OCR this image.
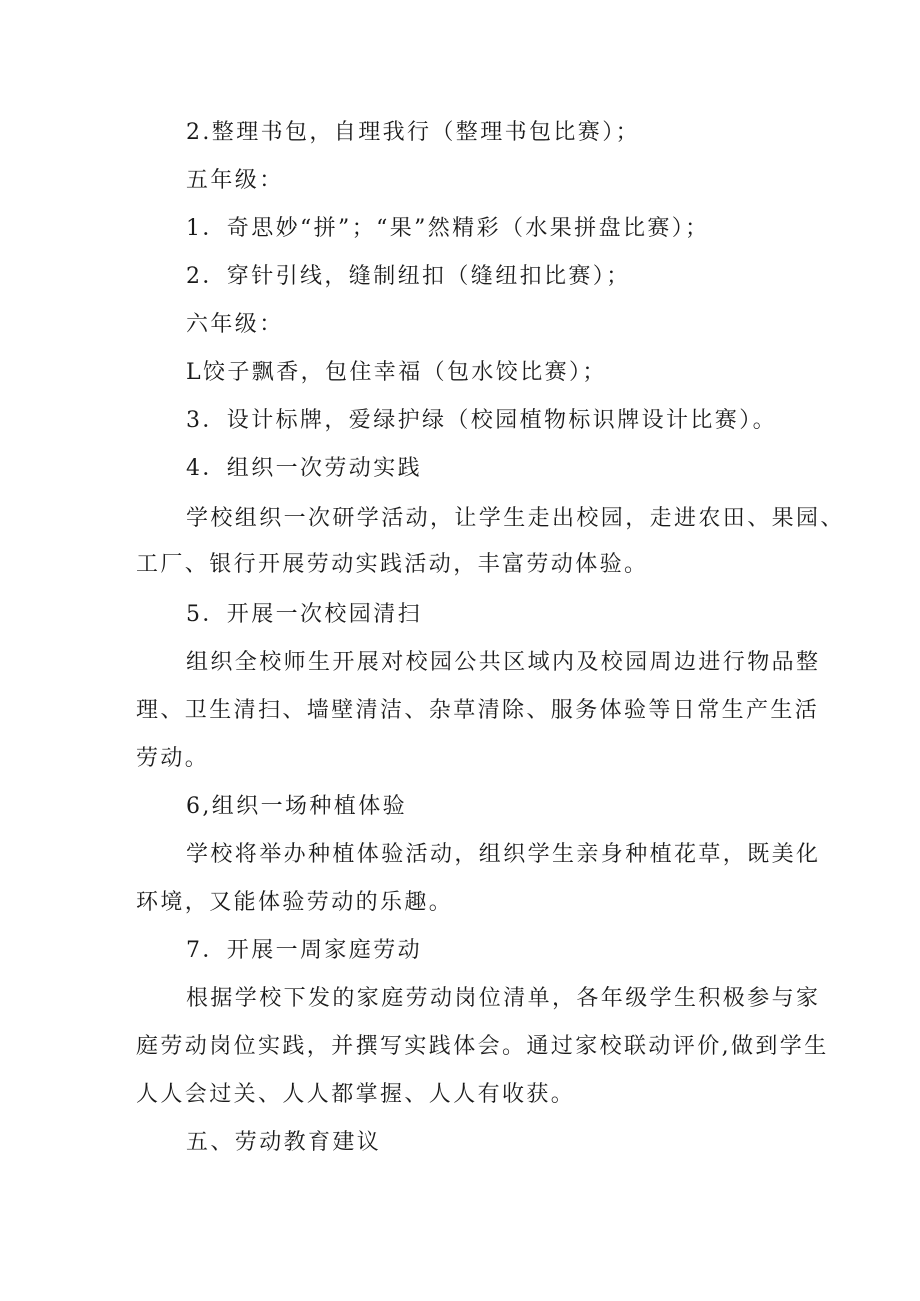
2.整理书包，自理我行（整理书包比赛）；
五年级：
1．奇思妙“拼”；“果”然精彩（水果拼盘比赛）；
2．穿针引线，缝制纽扣（缝纽扣比赛）；
六年级：
L饺子飘香，包住幸福（包水饺比赛）；
3．设计标牌，爱绿护绿（校园植物标识牌设计比赛）。
4．组织一次劳动实践
学校组织一次研学活动，让学生走出校园，走进农田、果园、
工厂、银行开展劳动实践活动，丰富劳动体验。
5．开展一次校园清扫
组织全校师生开展对校园公共区域内及校园周边进行物品整
理、卫生清扫、墙壁清洁、杂草清除、服务体验等日常生产生活
劳动。
6,组织一场种植体验
学校将举办种植体验活动，组织学生亲身种植花草，既美化
环境，又能体验劳动的乐趣。
7．开展一周家庭劳动
根据学校下发的家庭劳动岗位清单，各年级学生积极参与家
庭劳动岗位实践，并撰写实践体会。通过家校联动评价,做到学生
人人会过关、人人都掌握、人人有收获。
五、劳动教育建议
